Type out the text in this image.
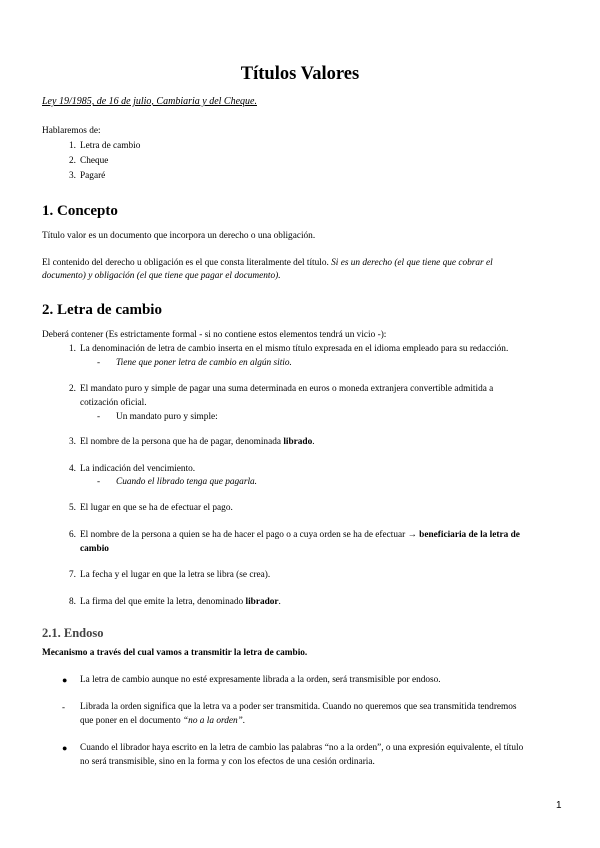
Títulos Valores

Ley 19/1985, de 16 de julio, Cambiaria y del Cheque.

Hablaremos de:

1. Letra de cambio
2. Cheque
3. Pagaré
1. Concepto

Título valor es un documento que incorpora un derecho o una obligación.

El contenido del derecho u obligación es el que consta literalmente del título. Si es un derecho (el que tiene que cobrar el

documento) y obligación (el que tiene que pagar el documento).

2. Letra de cambio

Deberá contener (Es estrictamente formal - si no contiene estos elementos tendrá un vicio -):

1. La denominación de letra de cambio inserta en el mismo título expresada en el idioma empleado para su redacción.
- Tiene que poner letra de cambio en algún sitio.
2. El mandato puro y simple de pagar una suma determinada en euros o moneda extranjera convertible admitida a
cotización oficial.
- Un mandato puro y simple:
3. El nombre de la persona que ha de pagar, denominada librado.
4. La indicación del vencimiento.
- Cuando el librado tenga que pagarla.
5. El lugar en que se ha de efectuar el pago.
6. El nombre de la persona a quien se ha de hacer el pago o a cuya orden se ha de efectuar → beneficiaria de la letra de
cambio
7. La fecha y el lugar en que la letra se libra (se crea).
8. La firma del que emite la letra, denominado librador.
2.1. Endoso

Mecanismo a través del cual vamos a transmitir la letra de cambio.

● La letra de cambio aunque no esté expresamente librada a la orden, será transmisible por endoso.
- Librada la orden significa que la letra va a poder ser transmitida. Cuando no queremos que sea transmitida tendremos
que poner en el documento “no a la orden”.
● Cuando el librador haya escrito en la letra de cambio las palabras “no a la orden”, o una expresión equivalente, el título
no será transmisible, sino en la forma y con los efectos de una cesión ordinaria.
1
